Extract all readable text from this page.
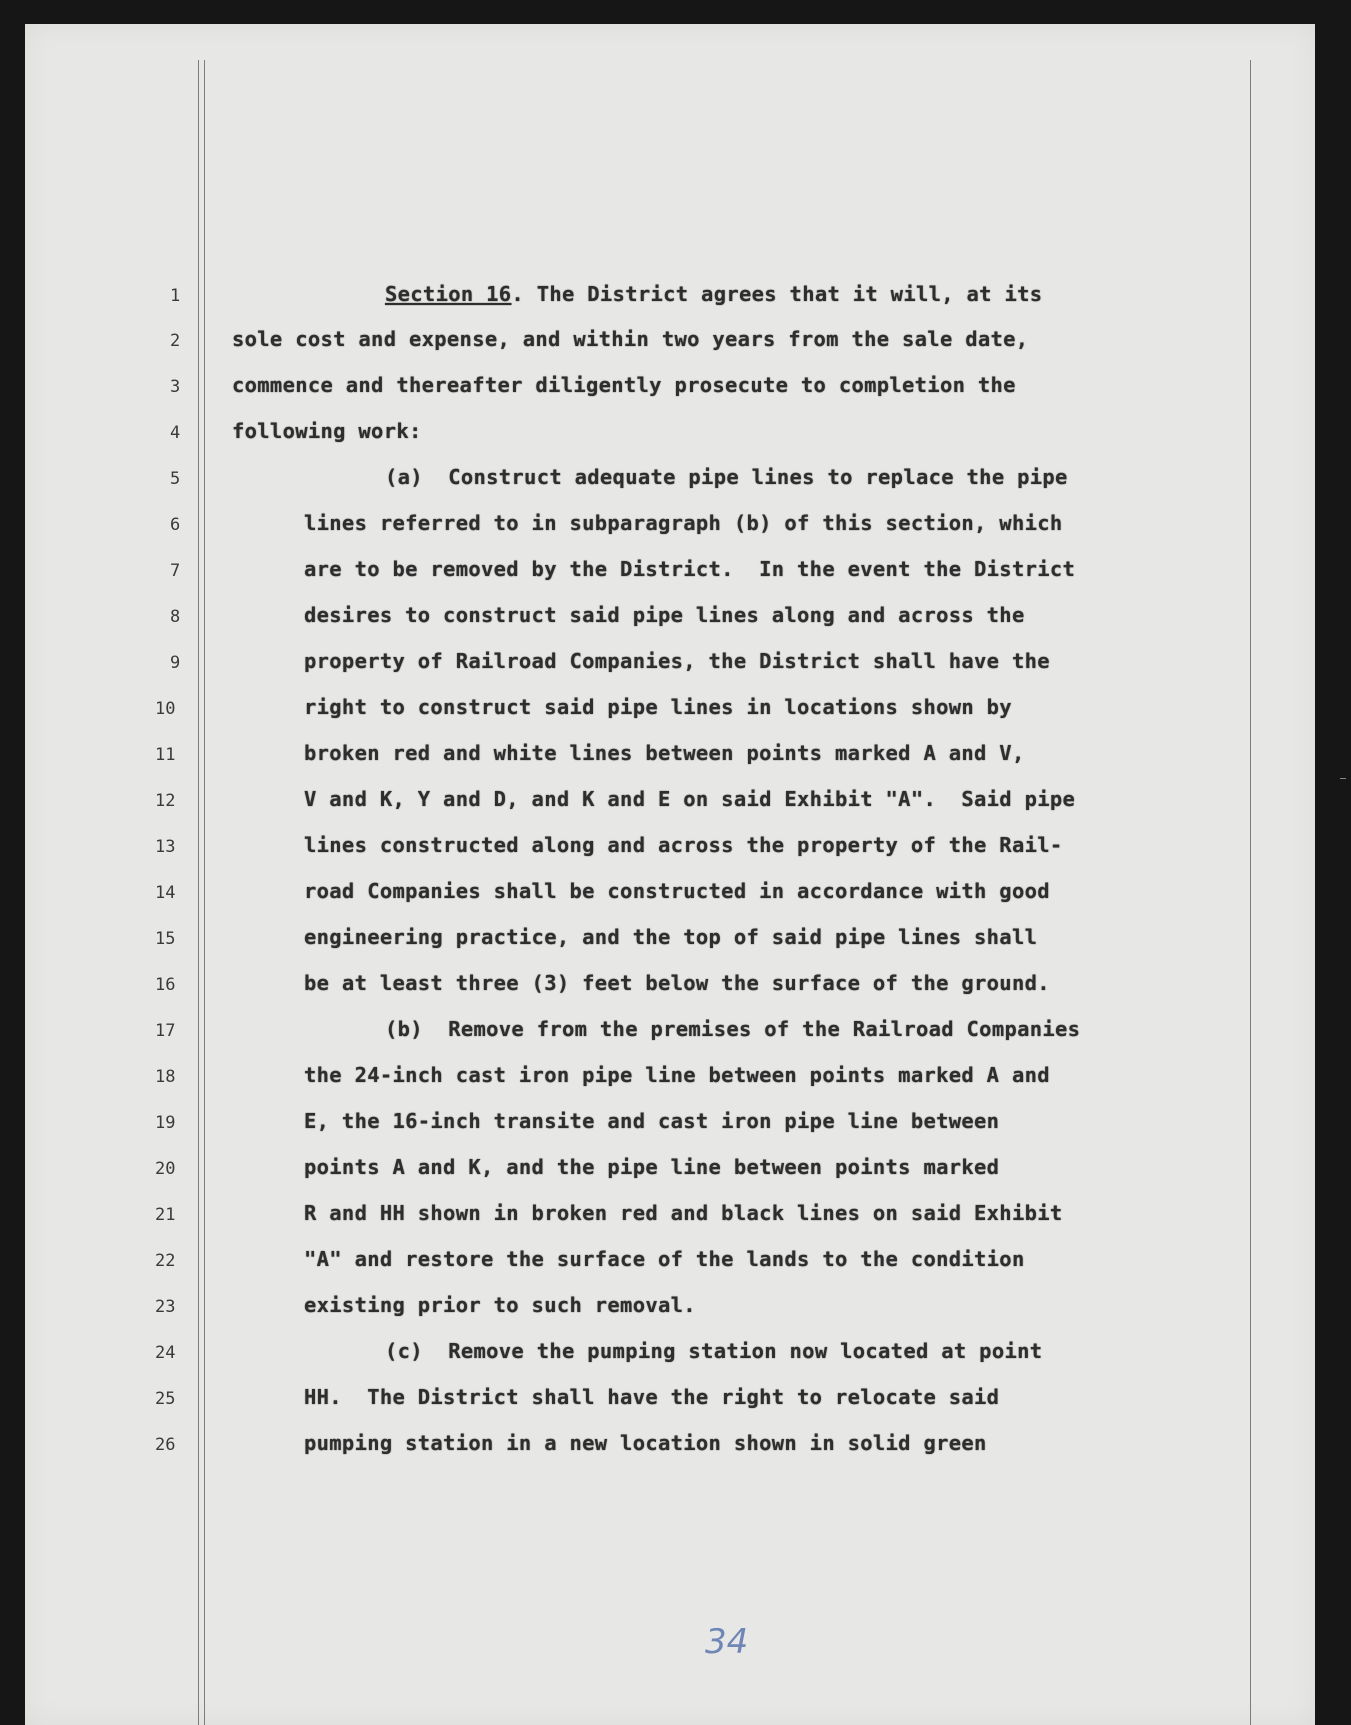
1
2
3
4
5
6
7
8
9
10
11
12
13
14
15
16
17
18
19
20
21
22
23
24
25
26
Section 16. The District agrees that it will, at its
sole cost and expense, and within two years from the sale date,
commence and thereafter diligently prosecute to completion the
following work:
(a)  Construct adequate pipe lines to replace the pipe
lines referred to in subparagraph (b) of this section, which
are to be removed by the District.  In the event the District
desires to construct said pipe lines along and across the
property of Railroad Companies, the District shall have the
right to construct said pipe lines in locations shown by
broken red and white lines between points marked A and V,
V and K, Y and D, and K and E on said Exhibit "A".  Said pipe
lines constructed along and across the property of the Rail-
road Companies shall be constructed in accordance with good
engineering practice, and the top of said pipe lines shall
be at least three (3) feet below the surface of the ground.
(b)  Remove from the premises of the Railroad Companies
the 24-inch cast iron pipe line between points marked A and
E, the 16-inch transite and cast iron pipe line between
points A and K, and the pipe line between points marked
R and HH shown in broken red and black lines on said Exhibit
"A" and restore the surface of the lands to the condition
existing prior to such removal.
(c)  Remove the pumping station now located at point
HH.  The District shall have the right to relocate said
pumping station in a new location shown in solid green
34
